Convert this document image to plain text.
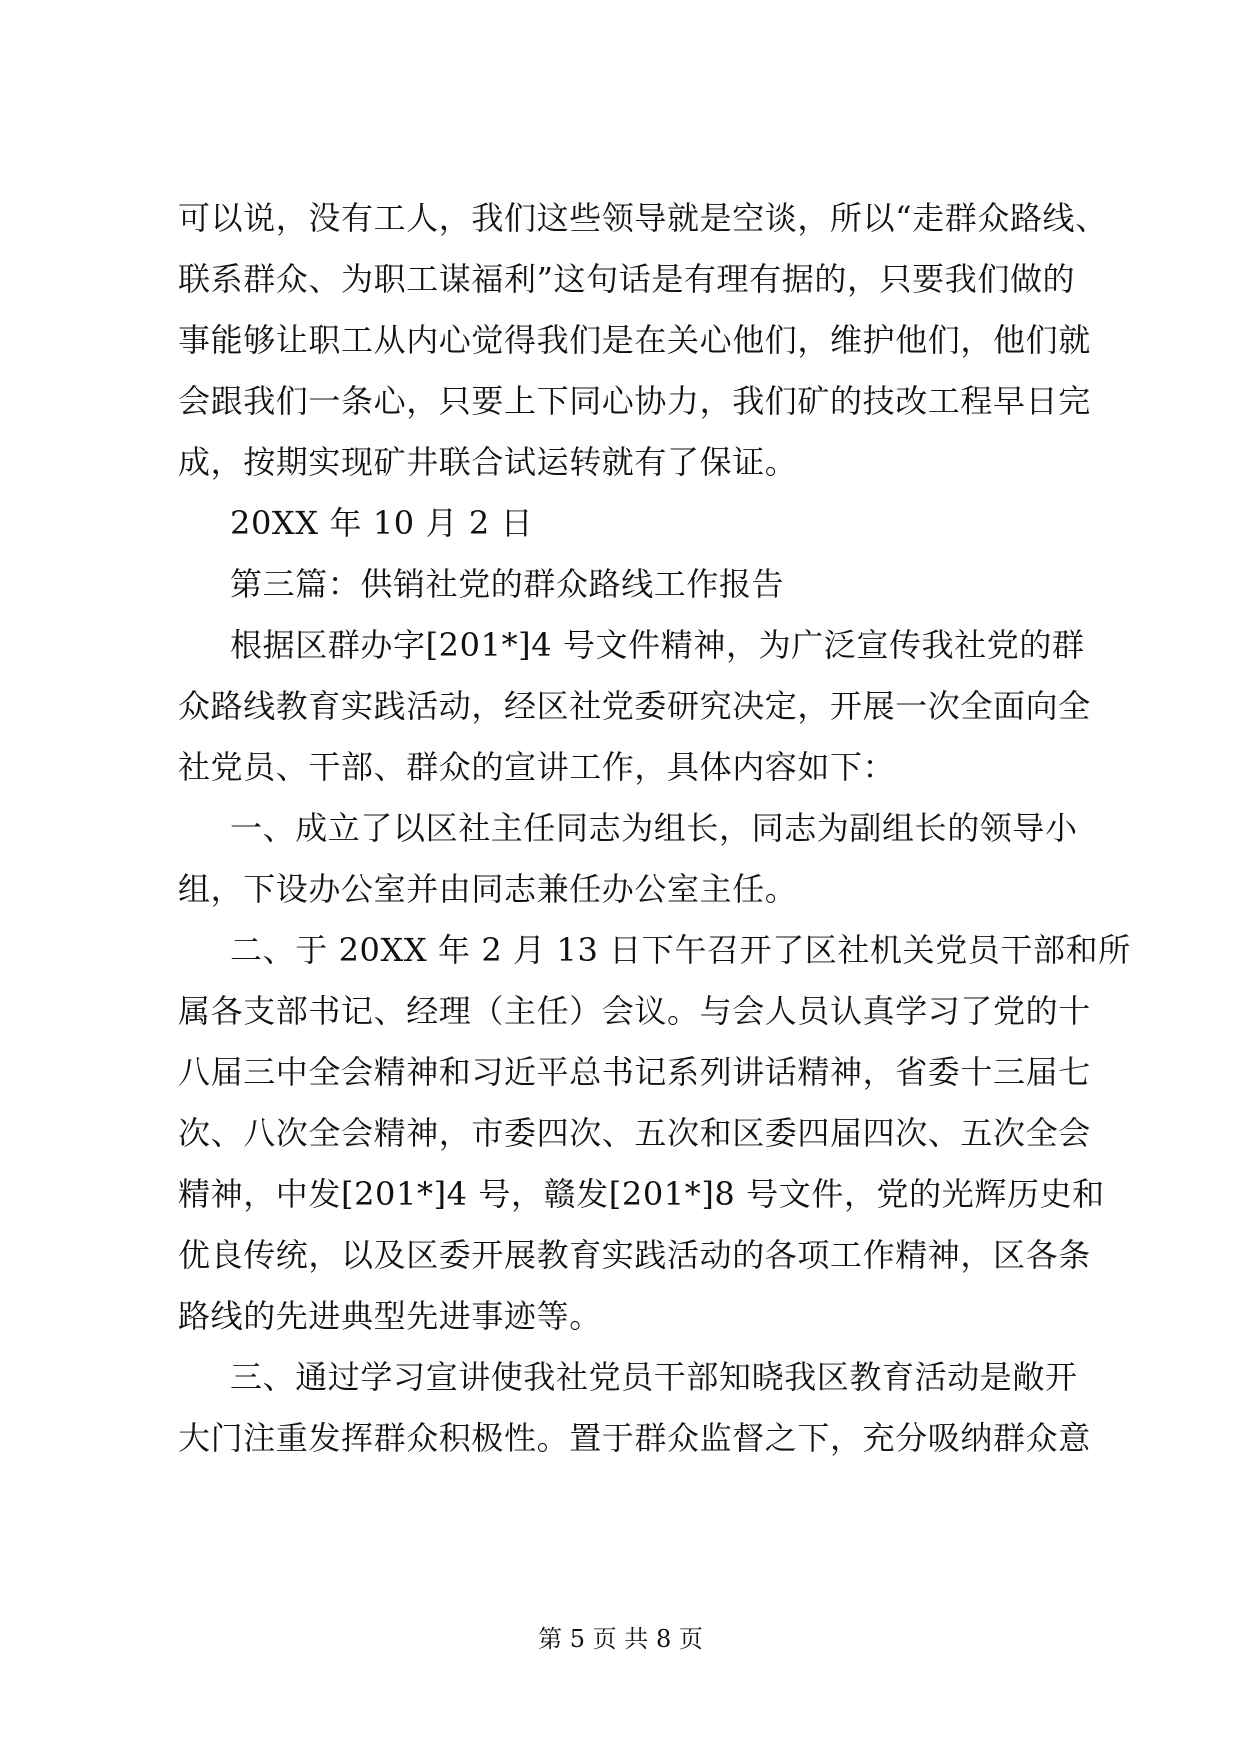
可以说，没有工人，我们这些领导就是空谈，所以“走群众路线、
联系群众、为职工谋福利”这句话是有理有据的，只要我们做的
事能够让职工从内心觉得我们是在关心他们，维护他们，他们就
会跟我们一条心，只要上下同心协力，我们矿的技改工程早日完
成，按期实现矿井联合试运转就有了保证。
20XX 年 10 月 2 日
第三篇：供销社党的群众路线工作报告
根据区群办字[201*]4 号文件精神，为广泛宣传我社党的群
众路线教育实践活动，经区社党委研究决定，开展一次全面向全
社党员、干部、群众的宣讲工作，具体内容如下：
一、成立了以区社主任同志为组长，同志为副组长的领导小
组，下设办公室并由同志兼任办公室主任。
二、于 20XX 年 2 月 13 日下午召开了区社机关党员干部和所
属各支部书记、经理（主任）会议。与会人员认真学习了党的十
八届三中全会精神和习近平总书记系列讲话精神，省委十三届七
次、八次全会精神，市委四次、五次和区委四届四次、五次全会
精神，中发[201*]4 号，赣发[201*]8 号文件，党的光辉历史和
优良传统，以及区委开展教育实践活动的各项工作精神，区各条
路线的先进典型先进事迹等。
三、通过学习宣讲使我社党员干部知晓我区教育活动是敞开
大门注重发挥群众积极性。置于群众监督之下，充分吸纳群众意
第 5 页 共 8 页
